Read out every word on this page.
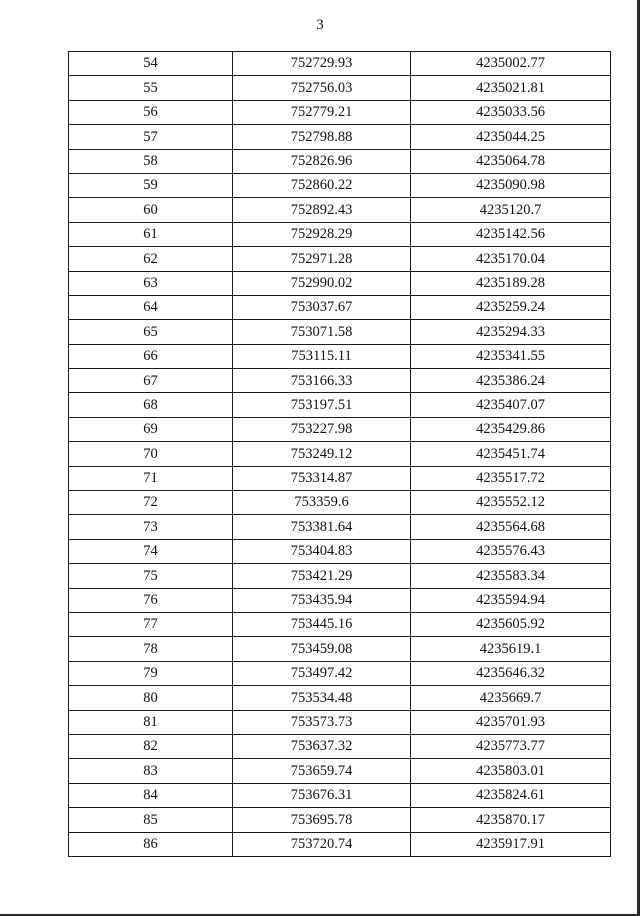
3
54	752729.93	4235002.77
55	752756.03	4235021.81
56	752779.21	4235033.56
57	752798.88	4235044.25
58	752826.96	4235064.78
59	752860.22	4235090.98
60	752892.43	4235120.7
61	752928.29	4235142.56
62	752971.28	4235170.04
63	752990.02	4235189.28
64	753037.67	4235259.24
65	753071.58	4235294.33
66	753115.11	4235341.55
67	753166.33	4235386.24
68	753197.51	4235407.07
69	753227.98	4235429.86
70	753249.12	4235451.74
71	753314.87	4235517.72
72	753359.6	4235552.12
73	753381.64	4235564.68
74	753404.83	4235576.43
75	753421.29	4235583.34
76	753435.94	4235594.94
77	753445.16	4235605.92
78	753459.08	4235619.1
79	753497.42	4235646.32
80	753534.48	4235669.7
81	753573.73	4235701.93
82	753637.32	4235773.77
83	753659.74	4235803.01
84	753676.31	4235824.61
85	753695.78	4235870.17
86	753720.74	4235917.91
